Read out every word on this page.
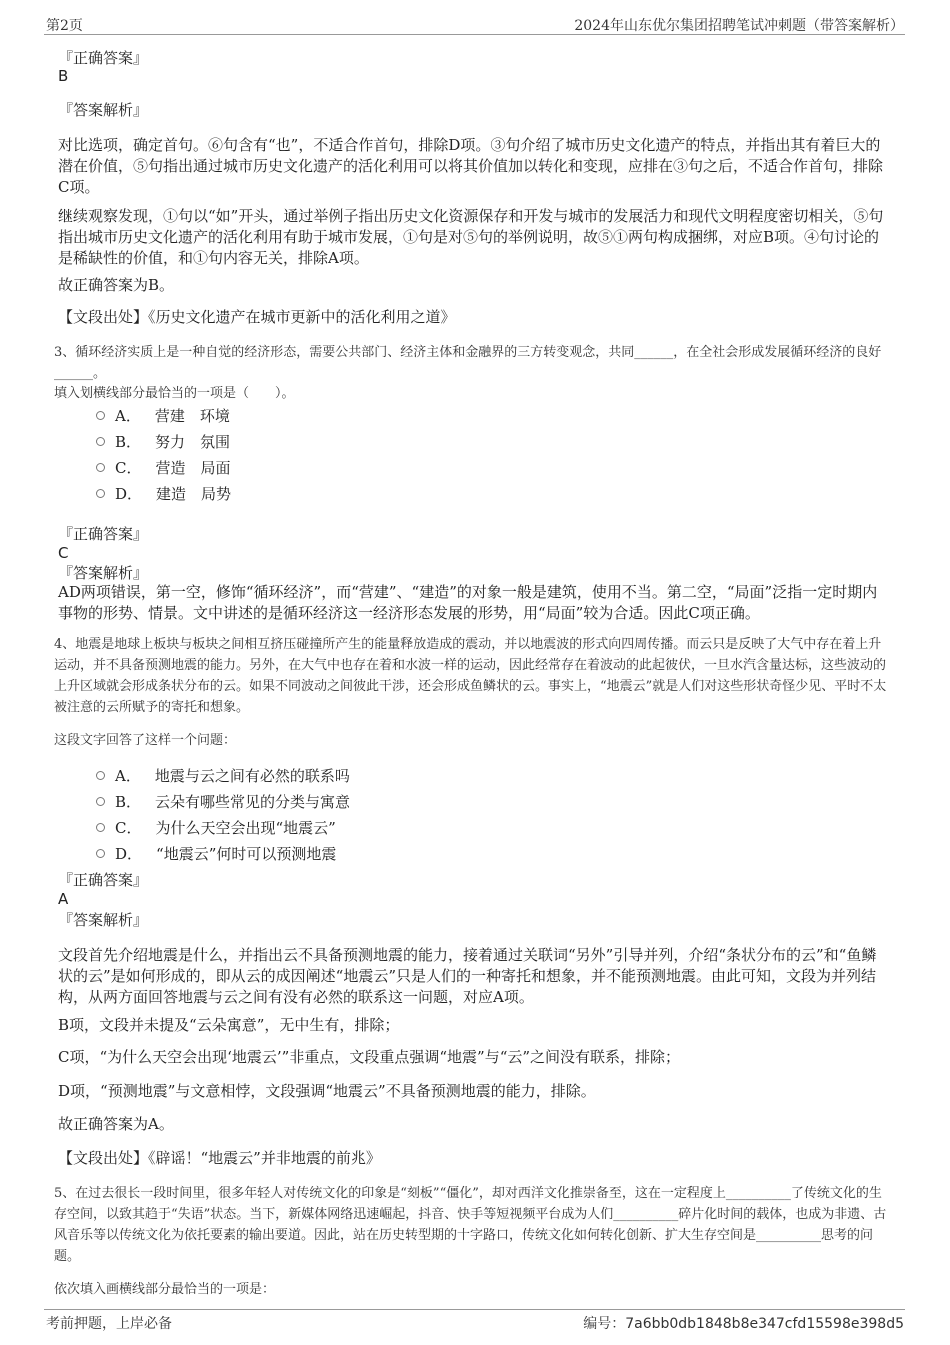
第2页	2024年山东优尔集团招聘笔试冲刺题（带答案解析）
『正确答案』
B
『答案解析』
对比选项，确定首句。⑥句含有“也”，不适合作首句，排除D项。③句介绍了城市历史文化遗产的特点，并指出其有着巨大的潜在价值，⑤句指出通过城市历史文化遗产的活化利用可以将其价值加以转化和变现，应排在③句之后，不适合作首句，排除C项。
继续观察发现，①句以“如”开头，通过举例子指出历史文化资源保存和开发与城市的发展活力和现代文明程度密切相关，⑤句指出城市历史文化遗产的活化利用有助于城市发展，①句是对⑤句的举例说明，故⑤①两句构成捆绑，对应B项。④句讨论的是稀缺性的价值，和①句内容无关，排除A项。
故正确答案为B。
【文段出处】《历史文化遗产在城市更新中的活化利用之道》
3、循环经济实质上是一种自觉的经济形态，需要公共部门、经济主体和金融界的三方转变观念，共同______，在全社会形成发展循环经济的良好______。
填入划横线部分最恰当的一项是（　　）。
A． 营建　环境
B． 努力　氛围
C． 营造　局面
D． 建造　局势
『正确答案』
C
『答案解析』
AD两项错误，第一空，修饰“循环经济”，而“营建”、“建造”的对象一般是建筑，使用不当。第二空，“局面”泛指一定时期内事物的形势、情景。文中讲述的是循环经济这一经济形态发展的形势，用“局面”较为合适。因此C项正确。
4、地震是地球上板块与板块之间相互挤压碰撞所产生的能量释放造成的震动，并以地震波的形式向四周传播。而云只是反映了大气中存在着上升运动，并不具备预测地震的能力。另外，在大气中也存在着和水波一样的运动，因此经常存在着波动的此起彼伏，一旦水汽含量达标，这些波动的上升区域就会形成条状分布的云。如果不同波动之间彼此干涉，还会形成鱼鳞状的云。事实上，“地震云”就是人们对这些形状奇怪少见、平时不太被注意的云所赋予的寄托和想象。
这段文字回答了这样一个问题：
A． 地震与云之间有必然的联系吗
B． 云朵有哪些常见的分类与寓意
C． 为什么天空会出现“地震云”
D． “地震云”何时可以预测地震
『正确答案』
A
『答案解析』
文段首先介绍地震是什么，并指出云不具备预测地震的能力，接着通过关联词“另外”引导并列，介绍“条状分布的云”和“鱼鳞状的云”是如何形成的，即从云的成因阐述“地震云”只是人们的一种寄托和想象，并不能预测地震。由此可知，文段为并列结构，从两方面回答地震与云之间有没有必然的联系这一问题，对应A项。
B项，文段并未提及“云朵寓意”，无中生有，排除；
C项，“为什么天空会出现‘地震云’”非重点，文段重点强调“地震”与“云”之间没有联系，排除；
D项，“预测地震”与文意相悖，文段强调“地震云”不具备预测地震的能力，排除。
故正确答案为A。
【文段出处】《辟谣！“地震云”并非地震的前兆》
5、在过去很长一段时间里，很多年轻人对传统文化的印象是“刻板”“僵化”，却对西洋文化推崇备至，这在一定程度上__________了传统文化的生存空间，以致其趋于“失语”状态。当下，新媒体网络迅速崛起，抖音、快手等短视频平台成为人们__________碎片化时间的载体，也成为非遗、古风音乐等以传统文化为依托要素的输出要道。因此，站在历史转型期的十字路口，传统文化如何转化创新、扩大生存空间是__________思考的问题。
依次填入画横线部分最恰当的一项是：
考前押题，上岸必备	编号：7a6bb0db1848b8e347cfd15598e398d5
